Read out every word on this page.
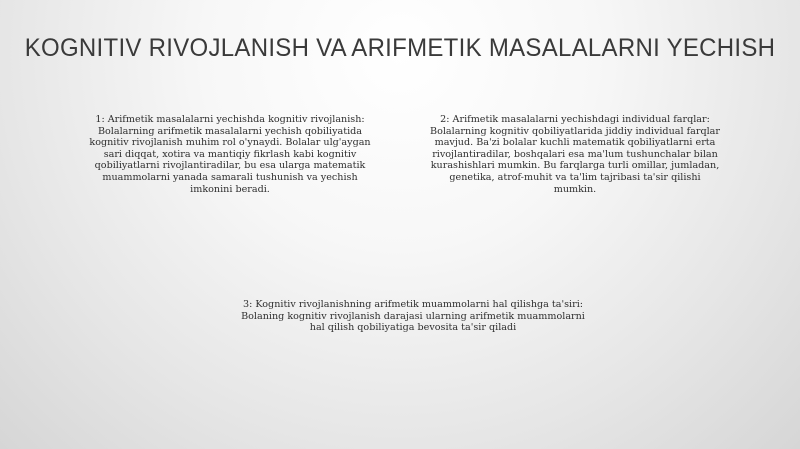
KOGNITIV RIVOJLANISH VA ARIFMETIK MASALALARNI YECHISH

1: Arifmetik masalalarni yechishda kognitiv rivojlanish: Bolalarning arifmetik masalalarni yechish qobiliyatida kognitiv rivojlanish muhim rol o'ynaydi. Bolalar ulg'aygan sari diqqat, xotira va mantiqiy fikrlash kabi kognitiv qobiliyatlarni rivojlantiradilar, bu esa ularga matematik muammolarni yanada samarali tushunish va yechish imkonini beradi.

2: Arifmetik masalalarni yechishdagi individual farqlar: Bolalarning kognitiv qobiliyatlarida jiddiy individual farqlar mavjud. Ba'zi bolalar kuchli matematik qobiliyatlarni erta rivojlantiradilar, boshqalari esa ma'lum tushunchalar bilan kurashishlari mumkin. Bu farqlarga turli omillar, jumladan, genetika, atrof-muhit va ta'lim tajribasi ta'sir qilishi mumkin.

3: Kognitiv rivojlanishning arifmetik muammolarni hal qilishga ta'siri: Bolaning kognitiv rivojlanish darajasi ularning arifmetik muammolarni hal qilish qobiliyatiga bevosita ta'sir qiladi
